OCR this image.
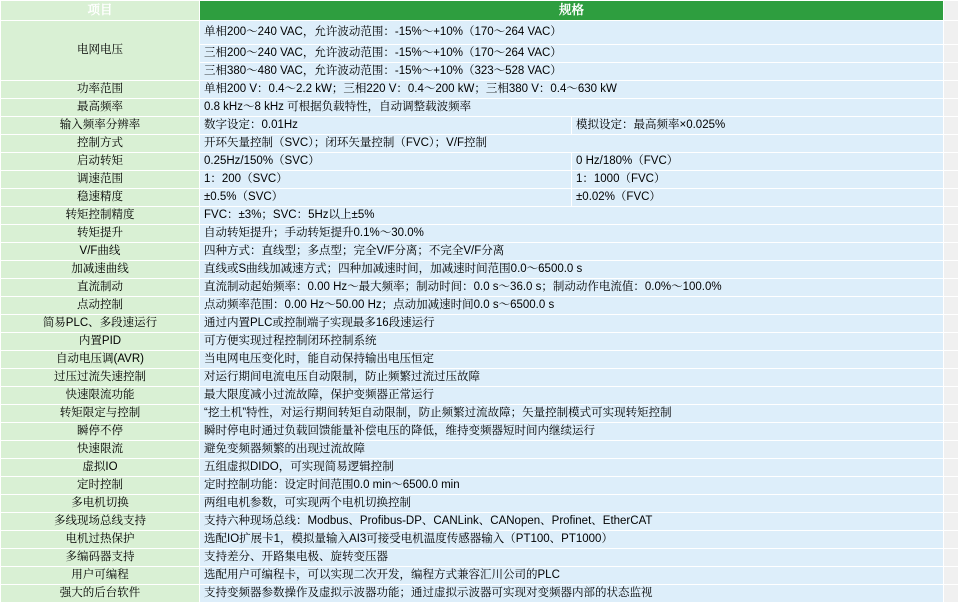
项目	规格		
电网电压	单相200～240 VAC，允许波动范围：-15%～+10%（170～264 VAC）		
	三相200～240 VAC，允许波动范围：-15%～+10%（170～264 VAC）		
	三相380～480 VAC，允许波动范围：-15%～+10%（323～528 VAC）		
功率范围	单相200 V：0.4～2.2 kW；三相220 V：0.4～200 kW；三相380 V：0.4～630 kW		
最高频率	0.8 kHz～8 kHz 可根据负载特性，自动调整载波频率		
输入频率分辨率	数字设定：0.01Hz	模拟设定：最高频率×0.025%	
控制方式	开环矢量控制（SVC）；闭环矢量控制（FVC）；V/F控制		
启动转矩	0.25Hz/150%（SVC）	0 Hz/180%（FVC）	
调速范围	1：200（SVC）	1：1000（FVC）	
稳速精度	±0.5%（SVC）	±0.02%（FVC）	
转矩控制精度	FVC：±3%；SVC：5Hz以上±5%		
转矩提升	自动转矩提升；手动转矩提升0.1%～30.0%		
V/F曲线	四种方式：直线型；多点型；完全V/F分离；不完全V/F分离		
加减速曲线	直线或S曲线加减速方式；四种加减速时间，加减速时间范围0.0～6500.0 s		
直流制动	直流制动起始频率：0.00 Hz～最大频率；制动时间：0.0 s～36.0 s；制动动作电流值：0.0%～100.0%		
点动控制	点动频率范围：0.00 Hz～50.00 Hz；点动加减速时间0.0 s～6500.0 s		
简易PLC、多段速运行	通过内置PLC或控制端子实现最多16段速运行		
内置PID	可方便实现过程控制闭环控制系统		
自动电压调(AVR)	当电网电压变化时，能自动保持输出电压恒定		
过压过流失速控制	对运行期间电流电压自动限制，防止频繁过流过压故障		
快速限流功能	最大限度减小过流故障，保护变频器正常运行		
转矩限定与控制	“挖土机”特性，对运行期间转矩自动限制，防止频繁过流故障；矢量控制模式可实现转矩控制		
瞬停不停	瞬时停电时通过负载回馈能量补偿电压的降低，维持变频器短时间内继续运行		
快速限流	避免变频器频繁的出现过流故障		
虚拟IO	五组虚拟DIDO，可实现简易逻辑控制		
定时控制	定时控制功能：设定时间范围0.0 min～6500.0 min		
多电机切换	两组电机参数，可实现两个电机切换控制		
多线现场总线支持	支持六种现场总线：Modbus、Profibus-DP、CANLink、CANopen、Profinet、EtherCAT		
电机过热保护	选配IO扩展卡1，模拟量输入AI3可接受电机温度传感器输入（PT100、PT1000）		
多编码器支持	支持差分、开路集电极、旋转变压器		
用户可编程	选配用户可编程卡，可以实现二次开发，编程方式兼容汇川公司的PLC		
强大的后台软件	支持变频器参数操作及虚拟示波器功能；通过虚拟示波器可实现对变频器内部的状态监视		
